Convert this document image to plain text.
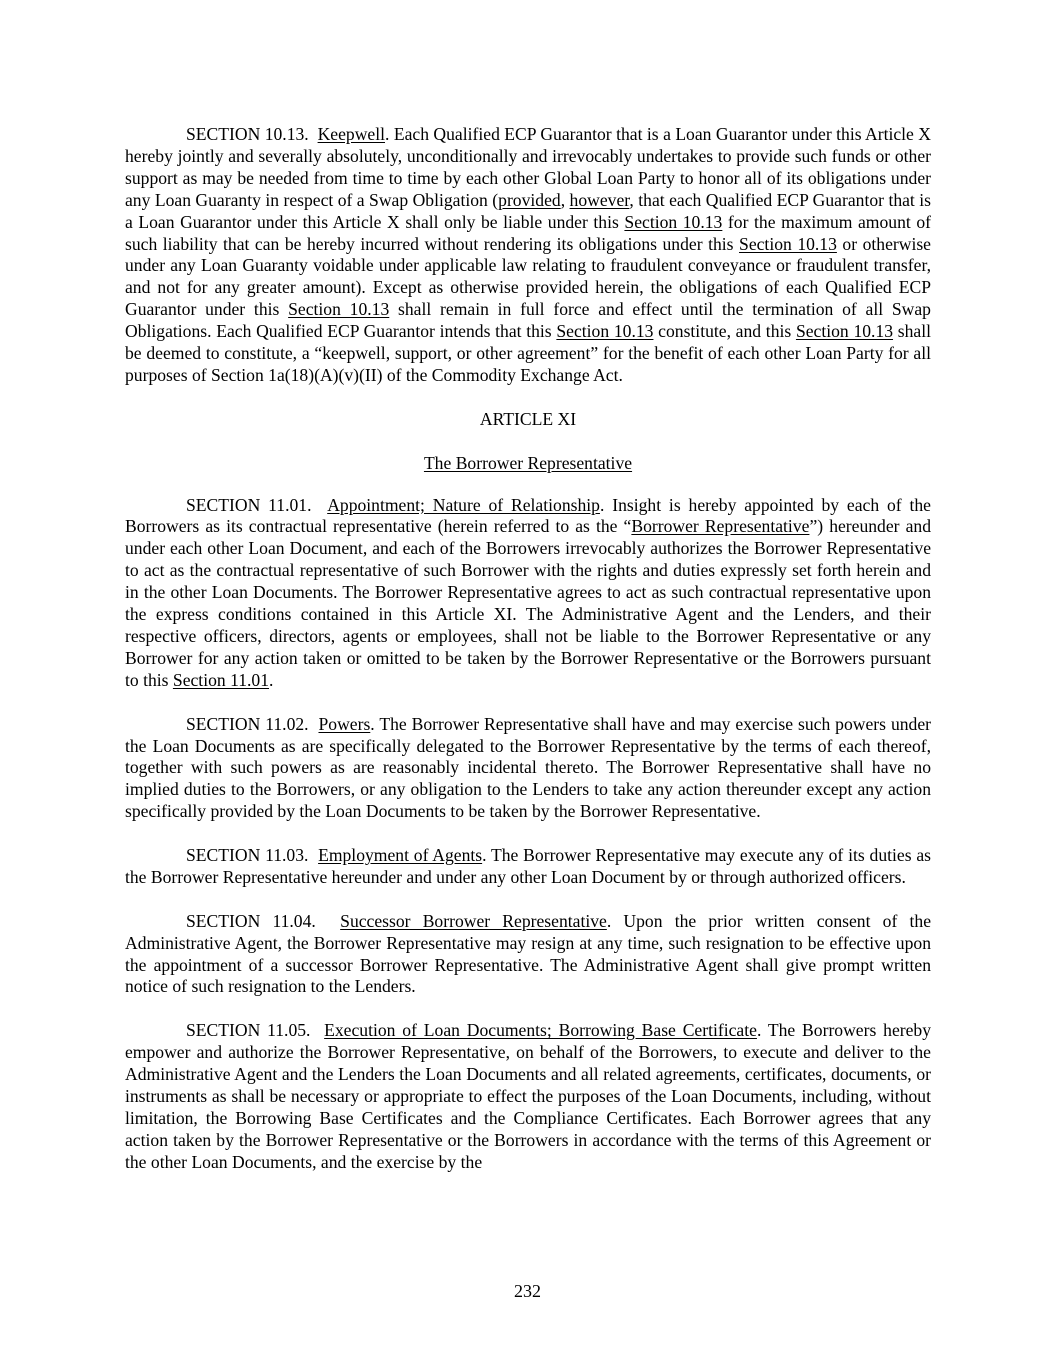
SECTION 10.13. Keepwell. Each Qualified ECP Guarantor that is a Loan Guarantor under this Article X hereby jointly and severally absolutely, unconditionally and irrevocably undertakes to provide such funds or other support as may be needed from time to time by each other Global Loan Party to honor all of its obligations under any Loan Guaranty in respect of a Swap Obligation (provided, however, that each Qualified ECP Guarantor that is a Loan Guarantor under this Article X shall only be liable under this Section 10.13 for the maximum amount of such liability that can be hereby incurred without rendering its obligations under this Section 10.13 or otherwise under any Loan Guaranty voidable under applicable law relating to fraudulent conveyance or fraudulent transfer, and not for any greater amount). Except as otherwise provided herein, the obligations of each Qualified ECP Guarantor under this Section 10.13 shall remain in full force and effect until the termination of all Swap Obligations. Each Qualified ECP Guarantor intends that this Section 10.13 constitute, and this Section 10.13 shall be deemed to constitute, a “keepwell, support, or other agreement” for the benefit of each other Loan Party for all purposes of Section 1a(18)(A)(v)(II) of the Commodity Exchange Act.

ARTICLE XI

The Borrower Representative

SECTION 11.01. Appointment; Nature of Relationship. Insight is hereby appointed by each of the Borrowers as its contractual representative (herein referred to as the “Borrower Representative”) hereunder and under each other Loan Document, and each of the Borrowers irrevocably authorizes the Borrower Representative to act as the contractual representative of such Borrower with the rights and duties expressly set forth herein and in the other Loan Documents. The Borrower Representative agrees to act as such contractual representative upon the express conditions contained in this Article XI. The Administrative Agent and the Lenders, and their respective officers, directors, agents or employees, shall not be liable to the Borrower Representative or any Borrower for any action taken or omitted to be taken by the Borrower Representative or the Borrowers pursuant to this Section 11.01.

SECTION 11.02. Powers. The Borrower Representative shall have and may exercise such powers under the Loan Documents as are specifically delegated to the Borrower Representative by the terms of each thereof, together with such powers as are reasonably incidental thereto. The Borrower Representative shall have no implied duties to the Borrowers, or any obligation to the Lenders to take any action thereunder except any action specifically provided by the Loan Documents to be taken by the Borrower Representative.

SECTION 11.03. Employment of Agents. The Borrower Representative may execute any of its duties as the Borrower Representative hereunder and under any other Loan Document by or through authorized officers.

SECTION 11.04. Successor Borrower Representative. Upon the prior written consent of the Administrative Agent, the Borrower Representative may resign at any time, such resignation to be effective upon the appointment of a successor Borrower Representative. The Administrative Agent shall give prompt written notice of such resignation to the Lenders.

SECTION 11.05. Execution of Loan Documents; Borrowing Base Certificate. The Borrowers hereby empower and authorize the Borrower Representative, on behalf of the Borrowers, to execute and deliver to the Administrative Agent and the Lenders the Loan Documents and all related agreements, certificates, documents, or instruments as shall be necessary or appropriate to effect the purposes of the Loan Documents, including, without limitation, the Borrowing Base Certificates and the Compliance Certificates. Each Borrower agrees that any action taken by the Borrower Representative or the Borrowers in accordance with the terms of this Agreement or the other Loan Documents, and the exercise by the

232
